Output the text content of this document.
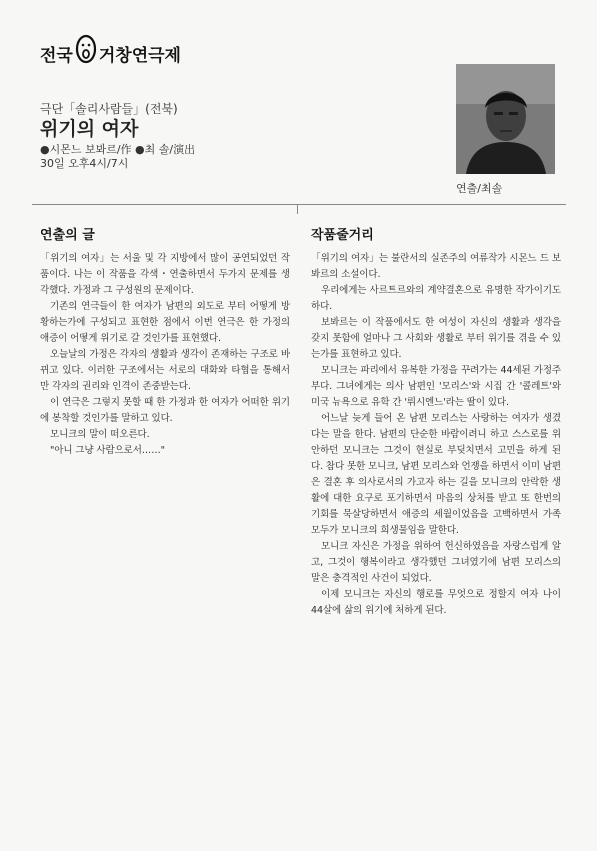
전국 거창연극제

극단「솔리사람들」(전북)

위기의 여자

●시몬느 보봐르/作 ●최 솔/演出

30일 오후4시/7시

연출/최솔
연출의 글

「위기의 여자」는 서울 및 각 지방에서 많이 공연되었던 작품이다. 나는 이 작품을 각색・연출하면서 두가지 문제를 생각했다. 가정과 그 구성원의 문제이다.

기존의 연극들이 한 여자가 남편의 외도로 부터 어떻게 방황하는가에 구성되고 표현한 점에서 이번 연극은 한 가정의 애증이 어떻게 위기로 갈 것인가를 표현했다.

오늘날의 가정은 각자의 생활과 생각이 존재하는 구조로 바뀌고 있다. 이러한 구조에서는 서로의 대화와 타협을 통해서만 각자의 권리와 인격이 존중받는다.

이 연극은 그렇지 못할 때 한 가정과 한 여자가 어떠한 위기에 봉착할 것인가를 말하고 있다.

모니크의 말이 떠오른다.

"아니 그냥 사람으로서……"

작품줄거리

「위기의 여자」는 불란서의 실존주의 여류작가 시몬느 드 보봐르의 소설이다.

우리에게는 사르트르와의 계약결혼으로 유명한 작가이기도 하다.

보봐르는 이 작품에서도 한 여성이 자신의 생활과 생각을 갖지 못함에 얼마나 그 사회와 생활로 부터 위기를 겪을 수 있는가를 표현하고 있다.

모니크는 파리에서 유복한 가정을 꾸려가는 44세된 가정주부다. 그녀에게는 의사 남편인 '모리스'와 시집 간 '콜레트'와 미국 뉴욕으로 유학 간 '뤼시엔느'라는 딸이 있다.

어느날 늦게 들어 온 남편 모리스는 사랑하는 여자가 생겼다는 말을 한다. 남편의 단순한 바람이려니 하고 스스로를 위안하던 모니크는 그것이 현실로 부딪치면서 고민을 하게 된다. 참다 못한 모니크, 남편 모리스와 언쟁을 하면서 이미 남편은 결혼 후 의사로서의 가고자 하는 길을 모니크의 안락한 생활에 대한 요구로 포기하면서 마음의 상처를 받고 또 한번의 기회를 묵살당하면서 애증의 세월이었음을 고백하면서 가족 모두가 모니크의 희생물임을 말한다.

모니크 자신은 가정을 위하여 헌신하였음을 자랑스럽게 알고, 그것이 행복이라고 생각했던 그녀였기에 남편 모리스의 말은 충격적인 사건이 되었다.

이제 모니크는 자신의 행로를 무엇으로 정할지 여자 나이 44살에 삶의 위기에 처하게 된다.
